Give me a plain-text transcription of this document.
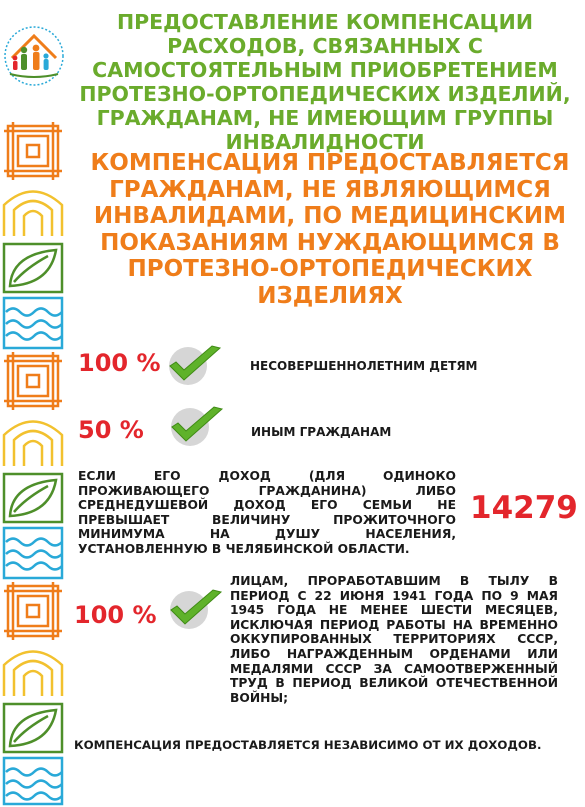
ПРЕДОСТАВЛЕНИЕ КОМПЕНСАЦИИ РАСХОДОВ, СВЯЗАННЫХ С САМОСТОЯТЕЛЬНЫМ ПРИОБРЕТЕНИЕМ ПРОТЕЗНО-ОРТОПЕДИЧЕСКИХ ИЗДЕЛИЙ, ГРАЖДАНАМ, НЕ ИМЕЮЩИМ ГРУППЫ ИНВАЛИДНОСТИ

КОМПЕНСАЦИЯ ПРЕДОСТАВЛЯЕТСЯ ГРАЖДАНАМ, НЕ ЯВЛЯЮЩИМСЯ ИНВАЛИДАМИ, ПО МЕДИЦИНСКИМ ПОКАЗАНИЯМ НУЖДАЮЩИМСЯ В ПРОТЕЗНО-ОРТОПЕДИЧЕСКИХ ИЗДЕЛИЯХ

100 %	НЕСОВЕРШЕННОЛЕТНИМ ДЕТЯМ
50 %	ИНЫМ ГРАЖДАНАМ

ЕСЛИ ЕГО ДОХОД (ДЛЯ ОДИНОКО ПРОЖИВАЮЩЕГО ГРАЖДАНИНА) ЛИБО СРЕДНЕДУШЕВОЙ ДОХОД ЕГО СЕМЬИ НЕ ПРЕВЫШАЕТ ВЕЛИЧИНУ ПРОЖИТОЧНОГО МИНИМУМА НА ДУШУ НАСЕЛЕНИЯ, УСТАНОВЛЕННУЮ В ЧЕЛЯБИНСКОЙ ОБЛАСТИ.

14279
100 %

ЛИЦАМ, ПРОРАБОТАВШИМ В ТЫЛУ В ПЕРИОД С 22 ИЮНЯ 1941 ГОДА ПО 9 МАЯ 1945 ГОДА НЕ МЕНЕЕ ШЕСТИ МЕСЯЦЕВ, ИСКЛЮЧАЯ ПЕРИОД РАБОТЫ НА ВРЕМЕННО ОККУПИРОВАННЫХ ТЕРРИТОРИЯХ СССР, ЛИБО НАГРАЖДЕННЫМ ОРДЕНАМИ ИЛИ МЕДАЛЯМИ СССР ЗА САМООТВЕРЖЕННЫЙ ТРУД В ПЕРИОД ВЕЛИКОЙ ОТЕЧЕСТВЕННОЙ ВОЙНЫ;

КОМПЕНСАЦИЯ ПРЕДОСТАВЛЯЕТСЯ НЕЗАВИСИМО ОТ ИХ ДОХОДОВ.
